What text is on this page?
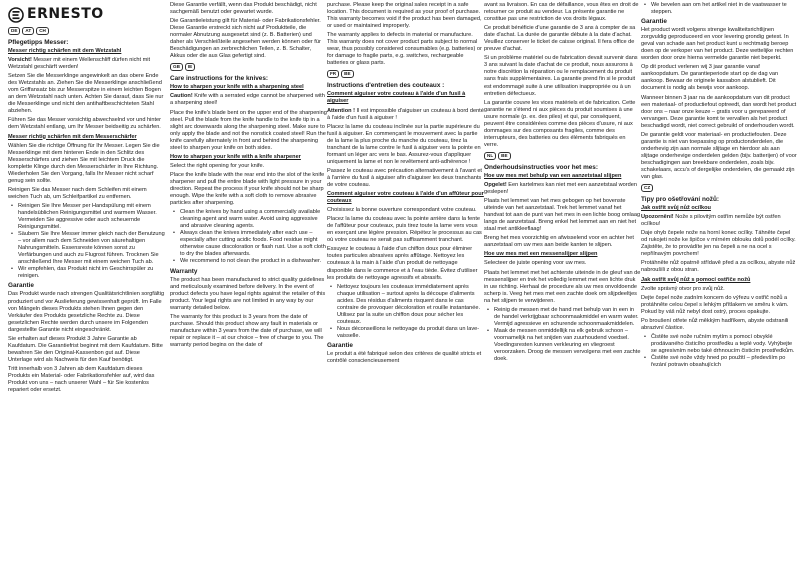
ERNESTO
DE	AT	CH
Pflegetipps Messer:

Messer richtig schärfen mit dem Wetzstahl

Vorsicht! Messer mit einem Wellenschliff dürfen nicht mit Wetzstahl geschärft werden!

Setzen Sie die Messerklinge angewinkelt an das obere Ende des Wetzstahls an. Ziehen Sie die Messerklinge anschließend vom Griffansatz bis zur Messerspitze in einem leichten Bogen an dem Wetzstahl nach unten. Achten Sie darauf, dass Sie nur die Messerklinge und nicht den antihaftbeschichteten Stahl abziehen.

Führen Sie das Messer vorsichtig abwechselnd vor und hinter dem Wetzstahl entlang, um Ihr Messer beidseitig zu schärfen.

Messer richtig schärfen mit dem Messerschärfer

Wählen Sie die richtige Öffnung für Ihr Messer. Legen Sie die Messerklinge mit dem hinteren Ende in den Schlitz des Messerschärfers und ziehen Sie mit leichtem Druck die komplette Klinge durch den Messerschärfer in Ihre Richtung. Wiederholen Sie den Vorgang, falls Ihr Messer nicht scharf genug sein sollte.

Reinigen Sie das Messer nach dem Schleifen mit einem weichen Tuch ab, um Schleifpartikel zu entfernen.

• Reinigen Sie Ihre Messer per Handspülung mit einem handelsüblichen Reinigungsmittel und warmem Wasser. Vermeiden Sie aggressive oder auch scheuernde Reinigungsmittel.
• Säubern Sie Ihre Messer immer gleich nach der Benutzung – vor allem nach dem Schneiden von säurehaltigen Nahrungsmitteln. Essensreste können sonst zu Verfärbungen und auch zu Flugrost führen. Trocknen Sie anschließend Ihre Messer mit einem weichen Tuch ab.
• Wir empfehlen, das Produkt nicht im Geschirrspüler zu reinigen.
Garantie

Das Produkt wurde nach strengen Qualitätsrichtlinien sorgfältig produziert und vor Auslieferung gewissenhaft geprüft. Im Falle von Mängeln dieses Produkts stehen Ihnen gegen den Verkäufer des Produkts gesetzliche Rechte zu. Diese gesetzlichen Rechte werden durch unsere im Folgenden dargestellte Garantie nicht eingeschränkt.

Sie erhalten auf dieses Produkt 3 Jahre Garantie ab Kaufdatum. Die Garantiefrist beginnt mit dem Kaufdatum. Bitte bewahren Sie den Original-Kassenbon gut auf. Diese Unterlage wird als Nachweis für den Kauf benötigt.

Tritt innerhalb von 3 Jahren ab dem Kaufdatum dieses Produkts ein Material- oder Fabrikationsfehler auf, wird das Produkt von uns – nach unserer Wahl – für Sie kostenlos repariert oder ersetzt.

Diese Garantie verfällt, wenn das Produkt beschädigt, nicht sachgemäß benutzt oder gewartet wurde.

Die Garantieleistung gilt für Material- oder Fabrikationsfehler. Diese Garantie erstreckt sich nicht auf Produktteile, die normaler Abnutzung ausgesetzt sind (z. B. Batterien) und daher als Verschleißteile angesehen werden können oder für Beschädigungen an zerbrechlichen Teilen, z. B. Schalter, Akkus oder die aus Glas gefertigt sind.

GB	IE
Care instructions for the knives:

How to sharpen your knife with a sharpening steel

Caution! Knife with a serrated edge cannot be sharpened with a sharpening steel!

Place the knife's blade bent on the upper end of the sharpening steel. Pull the blade from the knife handle to the knife tip in a slight arc downwards along the sharpening steel. Make sure to only apply the blade and not the nonstick coated steel! Run the knife carefully alternately in front and behind the sharpening steel to sharpen your knife on both sides.

How to sharpen your knife with a knife sharpener

Select the right opening for your knife.

Place the knife blade with the rear end into the slot of the knife sharpener and pull the entire blade with light pressure in your direction. Repeat the process if your knife should not be sharp enough. Wipe the knife with a soft cloth to remove abrasive particles after sharpening.

• Clean the knives by hand using a commercially available cleaning agent and warm water. Avoid using aggressive and abrasive cleaning agents.
• Always clean the knives immediately after each use – especially after cutting acidic foods. Food residue might otherwise cause discoloration or flash rust. Use a soft cloth to dry the blades afterwards.
• We recommend to not clean the product in a dishwasher.
Warranty

The product has been manufactured to strict quality guidelines and meticulously examined before delivery. In the event of product defects you have legal rights against the retailer of this product. Your legal rights are not limited in any way by our warranty detailed below.

The warranty for this product is 3 years from the date of purchase. Should this product show any fault in materials or manufacture within 3 years from the date of purchase, we will repair or replace it – at our choice – free of charge to you. The warranty period begins on the date of

purchase. Please keep the original sales receipt in a safe location. This document is required as your proof of purchase. This warranty becomes void if the product has been damaged, or used or maintained improperly.

The warranty applies to defects in material or manufacture. This warranty does not cover product parts subject to normal wear, thus possibly considered consumables (e.g. batteries) or for damage to fragile parts, e.g. switches, rechargeable batteries or glass parts.

FR	BE
Instructions d'entretien des couteaux :

Comment aiguiser votre couteau à l'aide d'un fusil à aiguiser

Attention ! Il est impossible d'aiguiser un couteau à bord denté à l'aide d'un fusil à aiguiser !

Placez la lame du couteau inclinée sur la partie supérieure du fusil à aiguiser. En commençant le mouvement avec la partie de la lame la plus proche du manche du couteau, tirez la tranchant de la lame contre le fusil à aiguiser vers la pointe en formant un léger arc vers le bas. Assurez-vous d'appliquer uniquement la lame et non le revêtement anti-adhérence !

Passez le couteau avec précaution alternativement à l'avant et à l'arrière du fusil à aiguiser afin d'aiguiser les deux tranchants de votre couteau.

Comment aiguiser votre couteau à l'aide d'un affûteur pour couteaux

Choisissez la bonne ouverture correspondant votre couteau.

Placez la lame du couteau avec la pointe arrière dans la fente de l'affûteur pour couteaux, puis tirez toute la lame vers vous en exerçant une légère pression. Répétez le processus au cas où votre couteau ne serait pas suffisamment tranchant.

Essuyez le couteau à l'aide d'un chiffon doux pour éliminer toutes particules abrasives après affûtage. Nettoyez les couteaux à la main à l'aide d'un produit de nettoyage disponible dans le commerce et à l'eau tiède. Évitez d'utiliser les produits de nettoyage agressifs et abrasifs.

• Nettoyez toujours les couteaux immédiatement après chaque utilisation – surtout après la découpe d'aliments acides. Des résidus d'aliments risquent dans le cas contraire de provoquer décoloration et rouille instantanée. Utilisez par la suite un chiffon doux pour sécher les couteaux.
• Nous déconseillons le nettoyage du produit dans un lave-vaisselle.
Garantie

Le produit a été fabriqué selon des critères de qualité stricts et contrôlé consciencieusement

avant sa livraison. En cas de défaillance, vous êtes en droit de retourner ce produit au vendeur. La présente garantie ne constitue pas une restriction de vos droits légaux.

Ce produit bénéficie d'une garantie de 3 ans à compter de sa date d'achat. La durée de garantie débute à la date d'achat. Veuillez conserver le ticket de caisse original. Il fera office de preuve d'achat.

Si un problème matériel ou de fabrication devait survenir dans 3 ans suivant la date d'achat de ce produit, nous assurons à notre discrétion la réparation ou le remplacement du produit sans frais supplémentaires. La garantie prend fin si le produit est endommagé suite à une utilisation inappropriée ou à un entretien défectueux.

La garantie couvre les vices matériels et de fabrication. Cette garantie ne s'étend ni aux pièces du produit soumises à une usure normale (p. ex. des piles) et qui, par conséquent, peuvent être considérées comme des pièces d'usure, ni aux dommages sur des composants fragiles, comme des interrupteurs, des batteries ou des éléments fabriqués en verre.

NL	BE
Onderhoudsinstructies voor het mes:

Hoe uw mes met behulp van een aanzetstaal slijpen

Opgelet! Een kartelmes kan niet met een aanzetstaal worden geslepen!

Plaats het lemmet van het mes gebogen op het bovenste uiteinde van het aanzetstaal. Trek het lemmet vanaf het handvat tot aan de punt van het mes in een lichte boog omlaag langs de aanzetstaal. Breng enkel het lemmet aan en niet het staal met antikleeflaag!

Breng het mes voorzichtig en afwisselend voor en achter het aanzetstaal om uw mes aan beide kanten te slijpen.

Hoe uw mes met een messenslijper slijpen

Selecteer de juiste opening voor uw mes.

Plaats het lemmet met het achterste uiteinde in de gleuf van de messenslijper en trek het volledig lemmet met een lichte druk in uw richting. Herhaal de procedure als uw mes onvoldoende scherp is. Veeg het mes met een zachte doek om slijpdeeltjes na het slijpen te verwijderen.

• Reinig de messen met de hand met behulp van in een in de handel verkrijgbaar schoonmaakmiddel en warm water. Vermijd agressieve en schurende schoonmaakmiddelen.
• Maak de messen onmiddellijk na elk gebruik schoon – voornamelijk na het snijden van zuurhoudend voedsel. Voedingsresten kunnen verkleuring en vliegroest veroorzaken. Droog de messen vervolgens met een zachte doek.
• We bevelen aan om het artikel niet in de vaatwasser te steppen.
Garantie

Het product wordt volgens strenge kwaliteitsrichtlijnen zorgvuldig geproduceerd en voor levering grondig getest. In geval van schade aan het product kunt u rechtmatig beroep doen op de verkoper van het product. Deze wettelijke rechten worden door onze hierna vermelde garantie niet beperkt.

Op dit product verlenen wij 3 jaar garantie vanaf aankoopdatum. De garantieperiode start op de dag van aankoop. Bewaar de originele kassabon alstublieft. Dit document is nodig als bewijs voor aankoop.

Wanneer binnen 3 jaar na de aankoopdatum van dit product een materiaal- of productiefout optreedt, dan wordt het product door ons – naar onze keuze – gratis voor u gerepareerd of vervangen. Deze garantie komt te vervallen als het product beschadigd wordt, niet correct gebruikt of onderhouden wordt.

De garantie geldt voor materiaal- en productiefouten. Deze garantie is niet van toepassing op productonderdelen, die onderhevig zijn aan normale slijtage en hierdoor als aan slijtage onderhevige onderdelen gelden (bijv. batterijen) of voor beschadigingen aan breekbare onderdelen, zoals bijv. schakelaars, accu's of dergelijke onderdelen, die gemaakt zijn van glas.

CZ
Tipy pro ošetřování nožů:

Jak ostřit svůj nůž ocílkou

Upozornění! Nože s pilovitým ostřím nemůže být ostřen ocílkou!

Daje ohyb čepele nože na horní konec ocílky. Táhněte čepel od rukojeti nože ke špičce v mírném oblouku dolů podél ocílky. Zajistěte, že to provádíte jen na čepeli a ne na ocel s nepřilnavým povrchem!

Protáhněte nůž opatrně střídavě před a za ocílkou, abyste nůž nabroušili z obou stran.

Jak ostřit svůj nůž s pomocí ostřiče nožů

Zvolte správný otvor pro svůj nůž.

Dejte čepel nože zadním koncem do výřezu v ostřič nožů a protáhněte celou čepel s lehkým přítlakem ve směru k vám. Pokud by váš nůž nebyl dost ostrý, proces opakujte.

Po broušení otřete nůž měkkým hadříkem, abyste odstranili abrazivní částice.

• Čistěte své nože ručním mytím s pomocí obvyklé prodávaného čisticího prostředku a teplé vody. Vyhýbejte se agresivním nebo také drhnoucím čisticím prostředkům.
• Čistěte své nože vždy hned po použití – především po řezání potravin obsahujících
